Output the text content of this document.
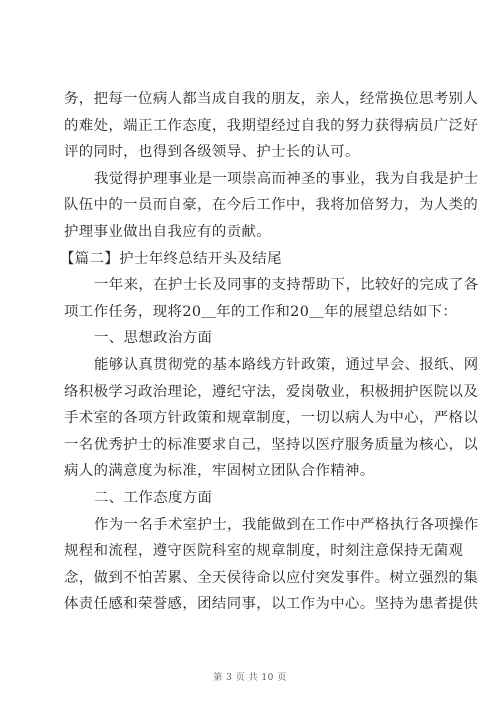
务，把每一位病人都当成自我的朋友，亲人，经常换位思考别人
的难处，端正工作态度，我期望经过自我的努力获得病员广泛好
评的同时，也得到各级领导、护士长的认可。
我觉得护理事业是一项崇高而神圣的事业，我为自我是护士
队伍中的一员而自豪，在今后工作中，我将加倍努力，为人类的
护理事业做出自我应有的贡献。
【篇二】护士年终总结开头及结尾
一年来，在护士长及同事的支持帮助下，比较好的完成了各
项工作任务，现将20＿年的工作和20＿年的展望总结如下：
一、思想政治方面
能够认真贯彻党的基本路线方针政策，通过早会、报纸、网
络积极学习政治理论，遵纪守法，爱岗敬业，积极拥护医院以及
手术室的各项方针政策和规章制度，一切以病人为中心，严格以
一名优秀护士的标准要求自己，坚持以医疗服务质量为核心，以
病人的满意度为标准，牢固树立团队合作精神。
二、工作态度方面
作为一名手术室护士，我能做到在工作中严格执行各项操作
规程和流程，遵守医院科室的规章制度，时刻注意保持无菌观
念，做到不怕苦累、全天侯待命以应付突发事件。树立强烈的集
体责任感和荣誉感，团结同事，以工作为中心。坚持为患者提供
第 3 页 共 10 页
